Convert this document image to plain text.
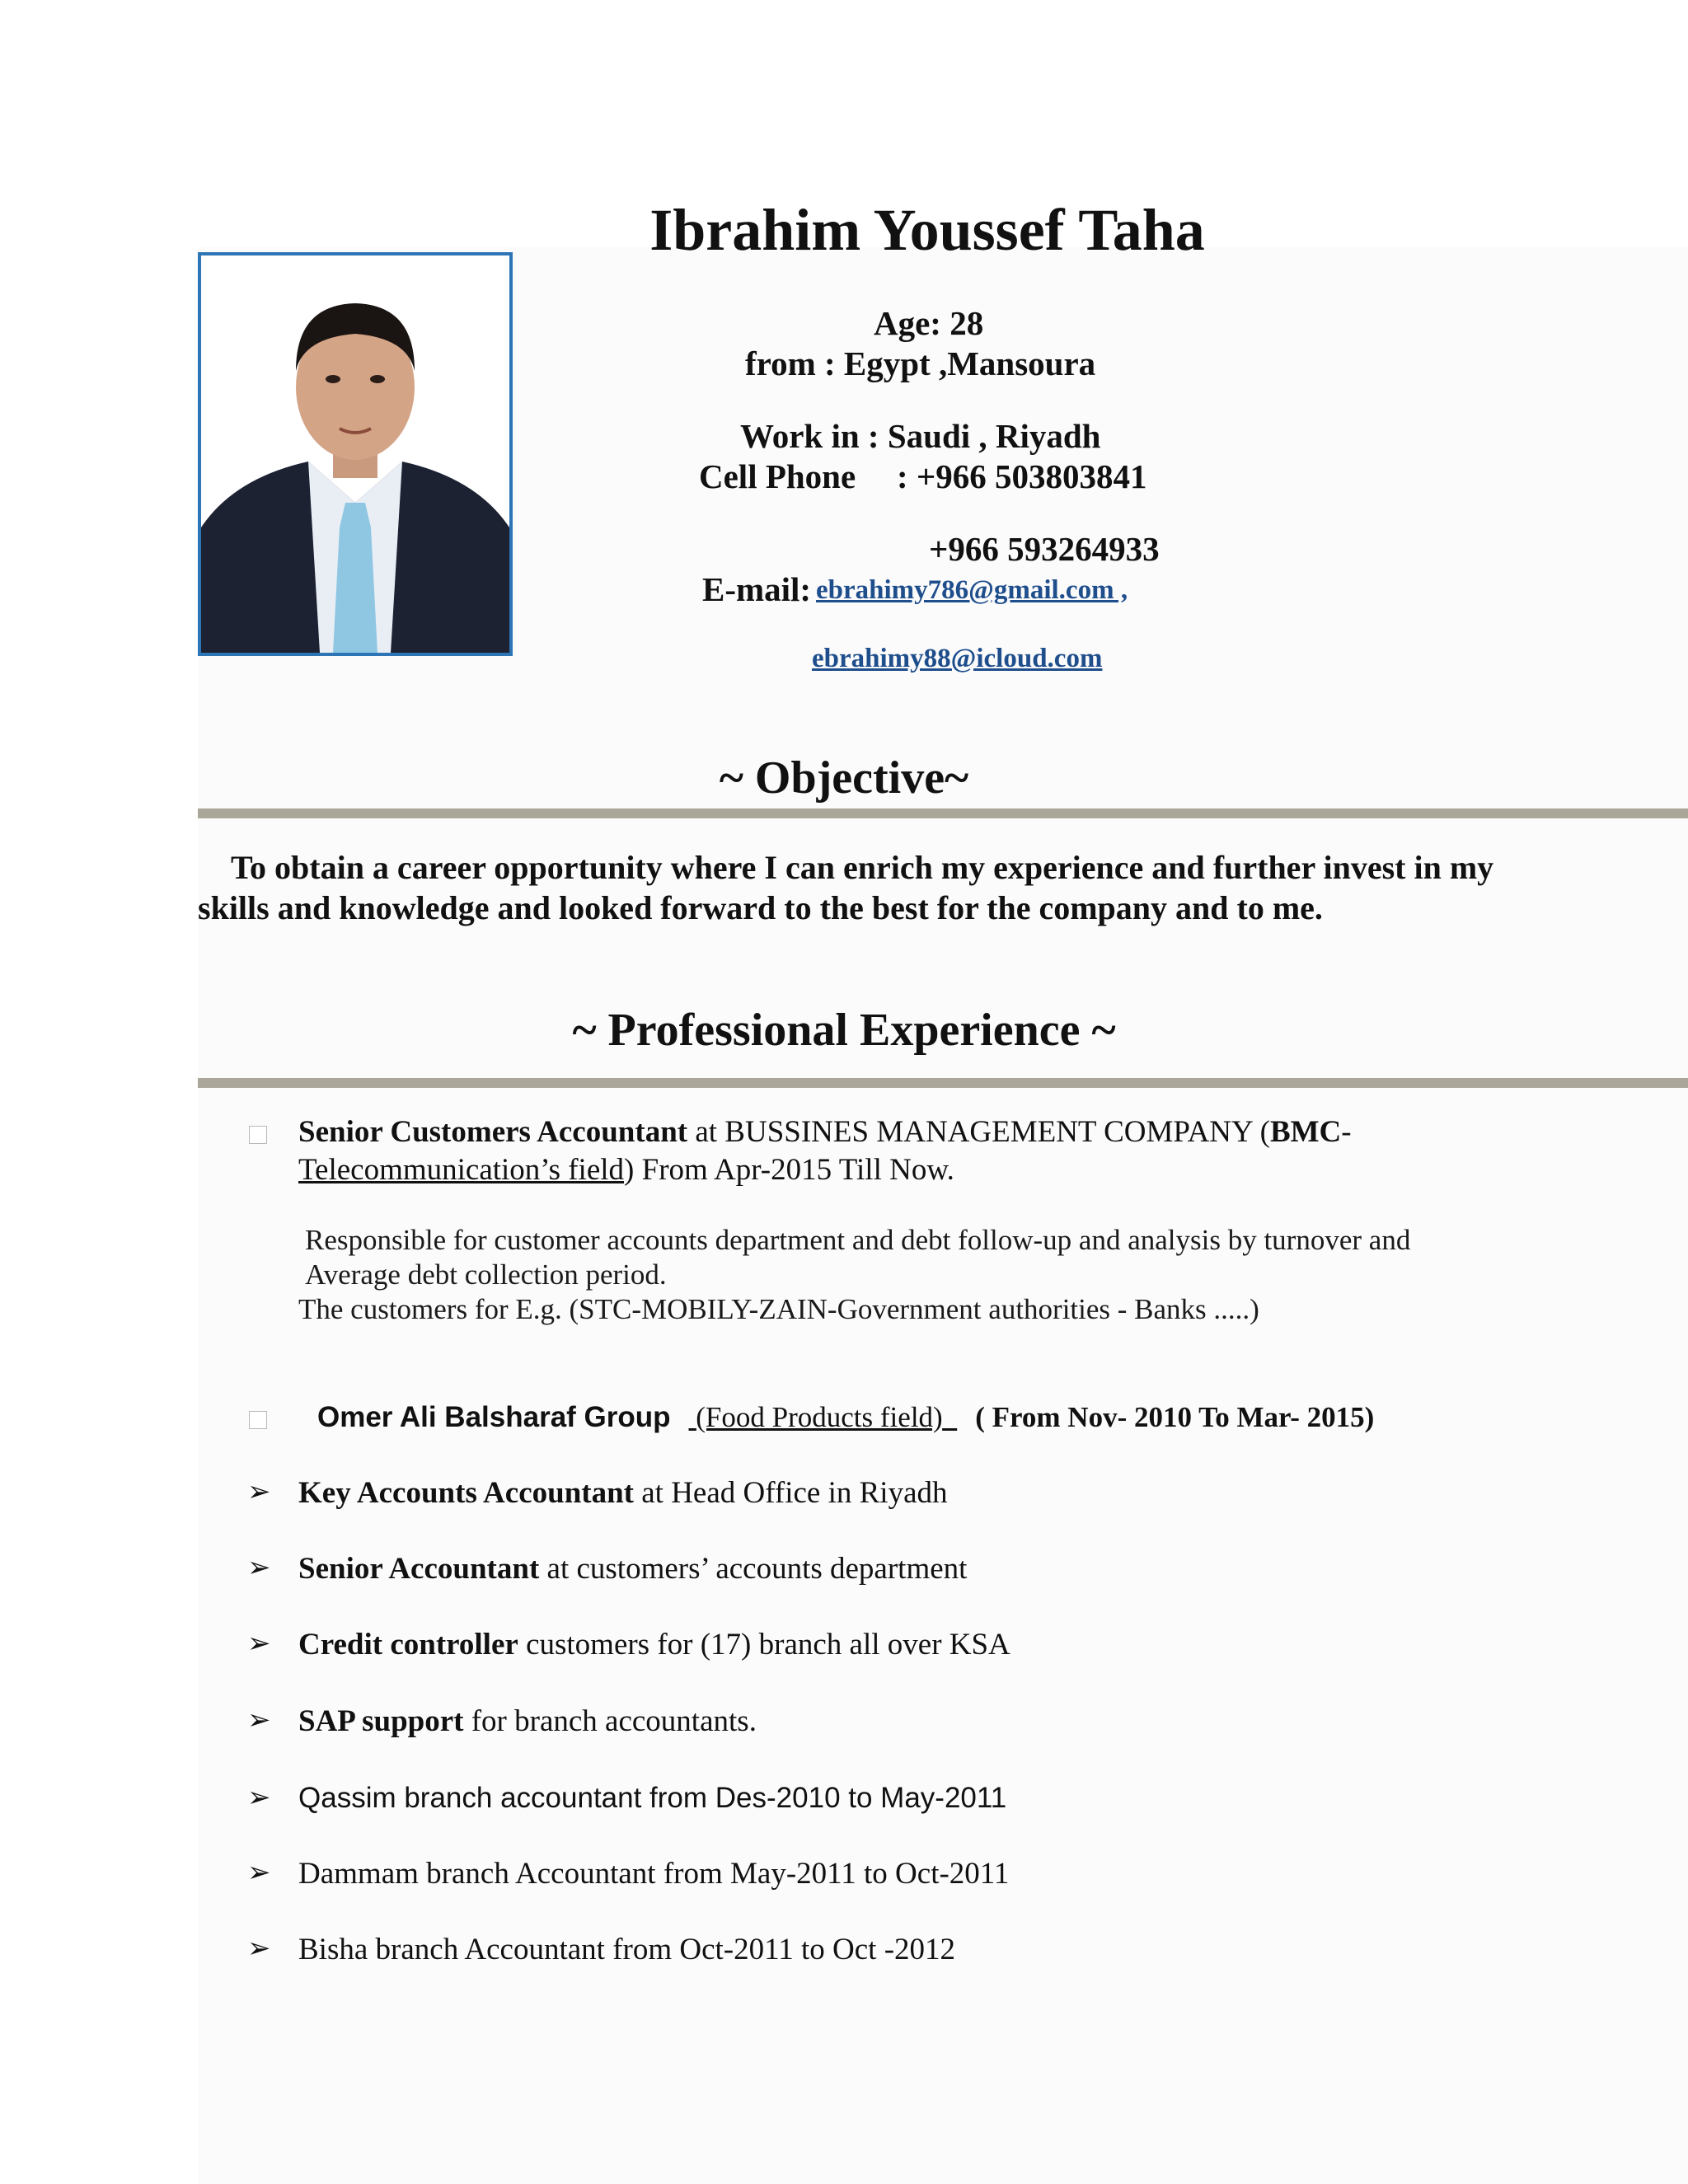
Ibrahim Youssef Taha
Age: 28
from : Egypt ,Mansoura
Work in : Saudi , Riyadh
Cell Phone : +966 503803841
+966 593264933
E-mail: ebrahimy786@gmail.com ,
ebrahimy88@icloud.com
~ Objective~
To obtain a career opportunity where I can enrich my experience and further invest in my skills and knowledge and looked forward to the best for the company and to me.
~ Professional Experience ~
Senior Customers Accountant at BUSSINES MANAGEMENT COMPANY (BMC-
Telecommunication’s field) From Apr-2015 Till Now.
Responsible for customer accounts department and debt follow-up and analysis by turnover and
Average debt collection period.
The customers for E.g. (STC-MOBILY-ZAIN-Government authorities - Banks .....)
Omer Ali Balsharaf Group (Food Products field) ( From Nov- 2010 To Mar- 2015)
➢ Key Accounts Accountant at Head Office in Riyadh
➢ Senior Accountant at customers’ accounts department
➢ Credit controller customers for (17) branch all over KSA
➢ SAP support for branch accountants.
➢ Qassim branch accountant from Des-2010 to May-2011
➢ Dammam branch Accountant from May-2011 to Oct-2011
➢ Bisha branch Accountant from Oct-2011 to Oct -2012
